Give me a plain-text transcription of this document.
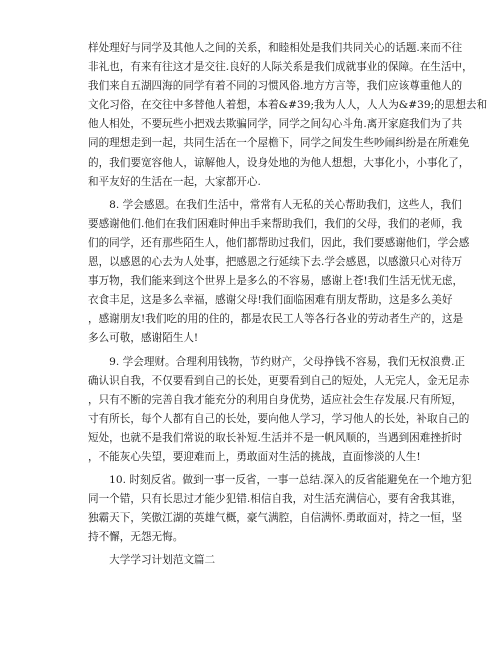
样处理好与同学及其他人之间的关系，和睦相处是我们共同关心的话题.来而不往
非礼也，有来有往这才是交往.良好的人际关系是我们成就事业的保障。在生活中，
我们来自五湖四海的同学有着不同的习惯风俗.地方方言等，我们应该尊重他人的
文化习俗，在交往中多替他人着想，本着&#39;我为人人，人人为&#39;的思想去和
他人相处，不要玩些小把戏去欺骗同学，同学之间勾心斗角.离开家庭我们为了共
同的理想走到一起，共同生活在一个屋檐下，同学之间发生些吵闹纠纷是在所难免
的，我们要宽容他人，谅解他人，设身处地的为他人想想，大事化小，小事化了，
和平友好的生活在一起，大家都开心.
　　8. 学会感恩。在我们生活中，常常有人无私的关心帮助我们，这些人，我们
要感谢他们.他们在我们困难时伸出手来帮助我们，我们的父母，我们的老师，我
们的同学，还有那些陌生人，他们都帮助过我们，因此，我们要感谢他们，学会感
恩，以感恩的心去为人处事，把感恩之行延续下去.学会感恩，以感激只心对待万
事万物，我们能来到这个世界上是多么的不容易，感谢上苍!我们生活无忧无虑，
衣食丰足，这是多么幸福，感谢父母!我们面临困难有朋友帮助，这是多么美好
，感谢朋友!我们吃的用的住的，都是农民工人等各行各业的劳动者生产的，这是
多么可敬，感谢陌生人!
　　9. 学会理财。合理利用钱物，节约财产，父母挣钱不容易，我们无权浪费.正
确认识自我，不仅要看到自己的长处，更要看到自己的短处，人无完人，金无足赤
，只有不断的完善自我才能充分的利用自身优势，适应社会生存发展.尺有所短，
寸有所长，每个人都有自己的长处，要向他人学习，学习他人的长处，补取自己的
短处，也就不是我们常说的取长补短.生活并不是一帆风顺的，当遇到困难挫折时
，不能灰心失望，要迎难而上，勇敢面对生活的挑战，直面惨淡的人生!
　　10. 时刻反省。做到一事一反省，一事一总结.深入的反省能避免在一个地方犯
同一个错，只有长思过才能少犯错.相信自我，对生活充满信心，要有舍我其谁，
独霸天下，笑傲江湖的英雄气概，豪气满腔，自信满怀.勇敢面对，持之一恒，坚
持不懈，无怨无悔。
　　大学学习计划范文篇二
